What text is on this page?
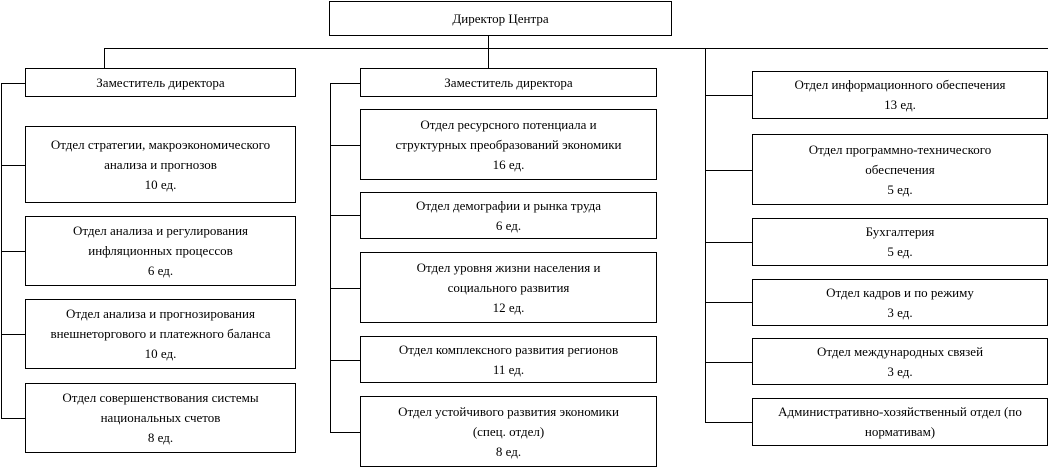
Директор Центра
Заместитель директора	Заместитель директора
Отдел стратегии, макроэкономического
анализа и прогнозов
10 ед.
Отдел анализа и регулирования
инфляционных процессов
6 ед.
Отдел анализа и прогнозирования
внешнеторгового и платежного баланса
10 ед.
Отдел совершенствования системы
национальных счетов
8 ед.
Отдел ресурсного потенциала и
структурных преобразований экономики
16 ед.
Отдел демографии и рынка труда
6 ед.
Отдел уровня жизни населения и
социального развития
12 ед.
Отдел комплексного развития регионов
11 ед.
Отдел устойчивого развития экономики
(спец. отдел)
8 ед.
Отдел информационного обеспечения
13 ед.
Отдел программно-технического
обеспечения
5 ед.
Бухгалтерия
5 ед.
Отдел кадров и по режиму
3 ед.
Отдел международных связей
3 ед.
Административно-хозяйственный отдел (по
нормативам)
